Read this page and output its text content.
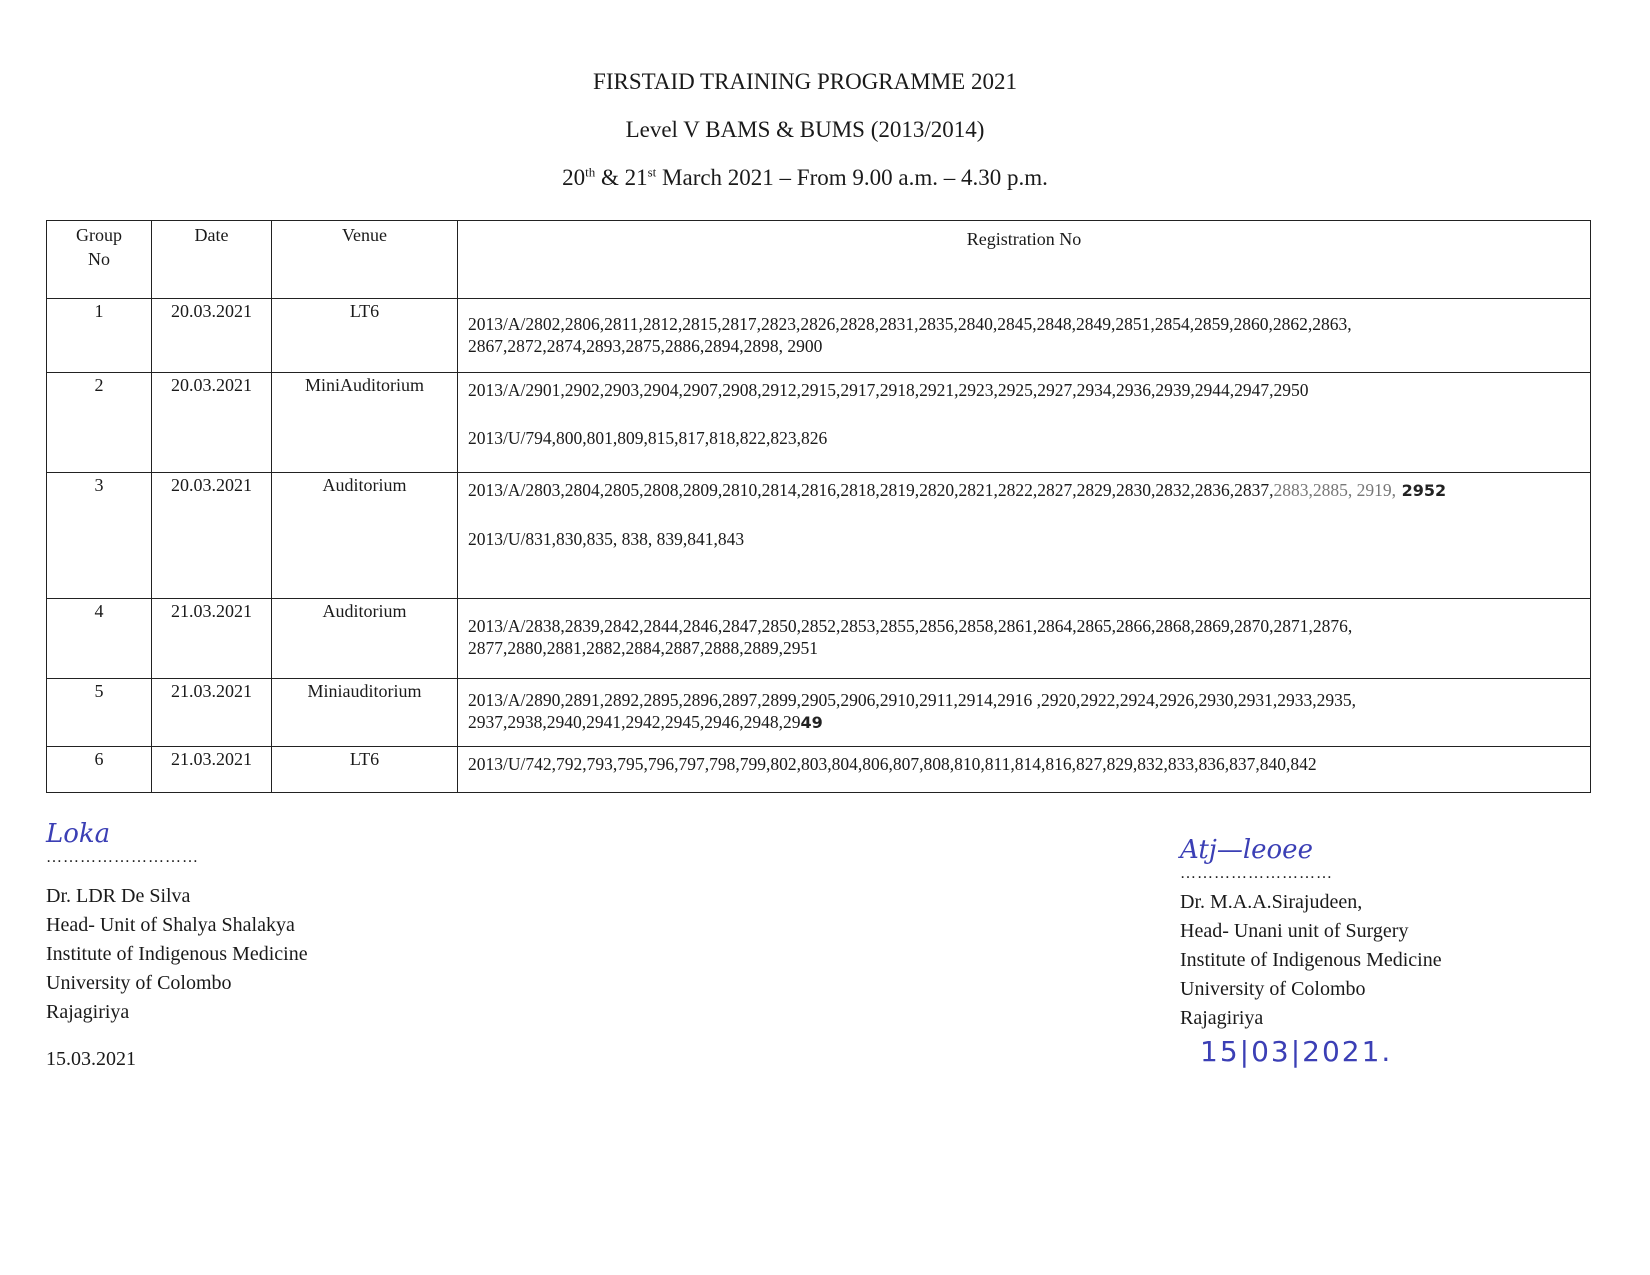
FIRSTAID TRAINING PROGRAMME 2021
Level V BAMS & BUMS (2013/2014)
20th & 21st March 2021 – From 9.00 a.m. – 4.30 p.m.
Group
No	Date	Venue	Registration No
1	20.03.2021	LT6	2013/A/2802,2806,2811,2812,2815,2817,2823,2826,2828,2831,2835,2840,2845,2848,2849,2851,2854,2859,2860,2862,2863, 2867,2872,2874,2893,2875,2886,2894,2898, 2900

2	20.03.2021	MiniAuditorium	2013/A/2901,2902,2903,2904,2907,2908,2912,2915,2917,2918,2921,2923,2925,2927,2934,2936,2939,2944,2947,2950

2013/U/794,800,801,809,815,817,818,822,823,826

3	20.03.2021	Auditorium	2013/A/2803,2804,2805,2808,2809,2810,2814,2816,2818,2819,2820,2821,2822,2827,2829,2830,2832,2836,2837,2883,2885, 2919, 2952

2013/U/831,830,835, 838, 839,841,843

4	21.03.2021	Auditorium	2013/A/2838,2839,2842,2844,2846,2847,2850,2852,2853,2855,2856,2858,2861,2864,2865,2866,2868,2869,2870,2871,2876, 2877,2880,2881,2882,2884,2887,2888,2889,2951

5	21.03.2021	Miniauditorium	2013/A/2890,2891,2892,2895,2896,2897,2899,2905,2906,2910,2911,2914,2916 ,2920,2922,2924,2926,2930,2931,2933,2935, 2937,2938,2940,2941,2942,2945,2946,2948,2949

6	21.03.2021	LT6	2013/U/742,792,793,795,796,797,798,799,802,803,804,806,807,808,810,811,814,816,827,829,832,833,836,837,840,842

Loka
………………………
Dr. LDR De Silva
Head- Unit of Shalya Shalakya
Institute of Indigenous Medicine
University of Colombo
Rajagiriya
15.03.2021
Atj—leoee
………………………
Dr. M.A.A.Sirajudeen,
Head- Unani unit of Surgery
Institute of Indigenous Medicine
University of Colombo
Rajagiriya
15|03|2021.
